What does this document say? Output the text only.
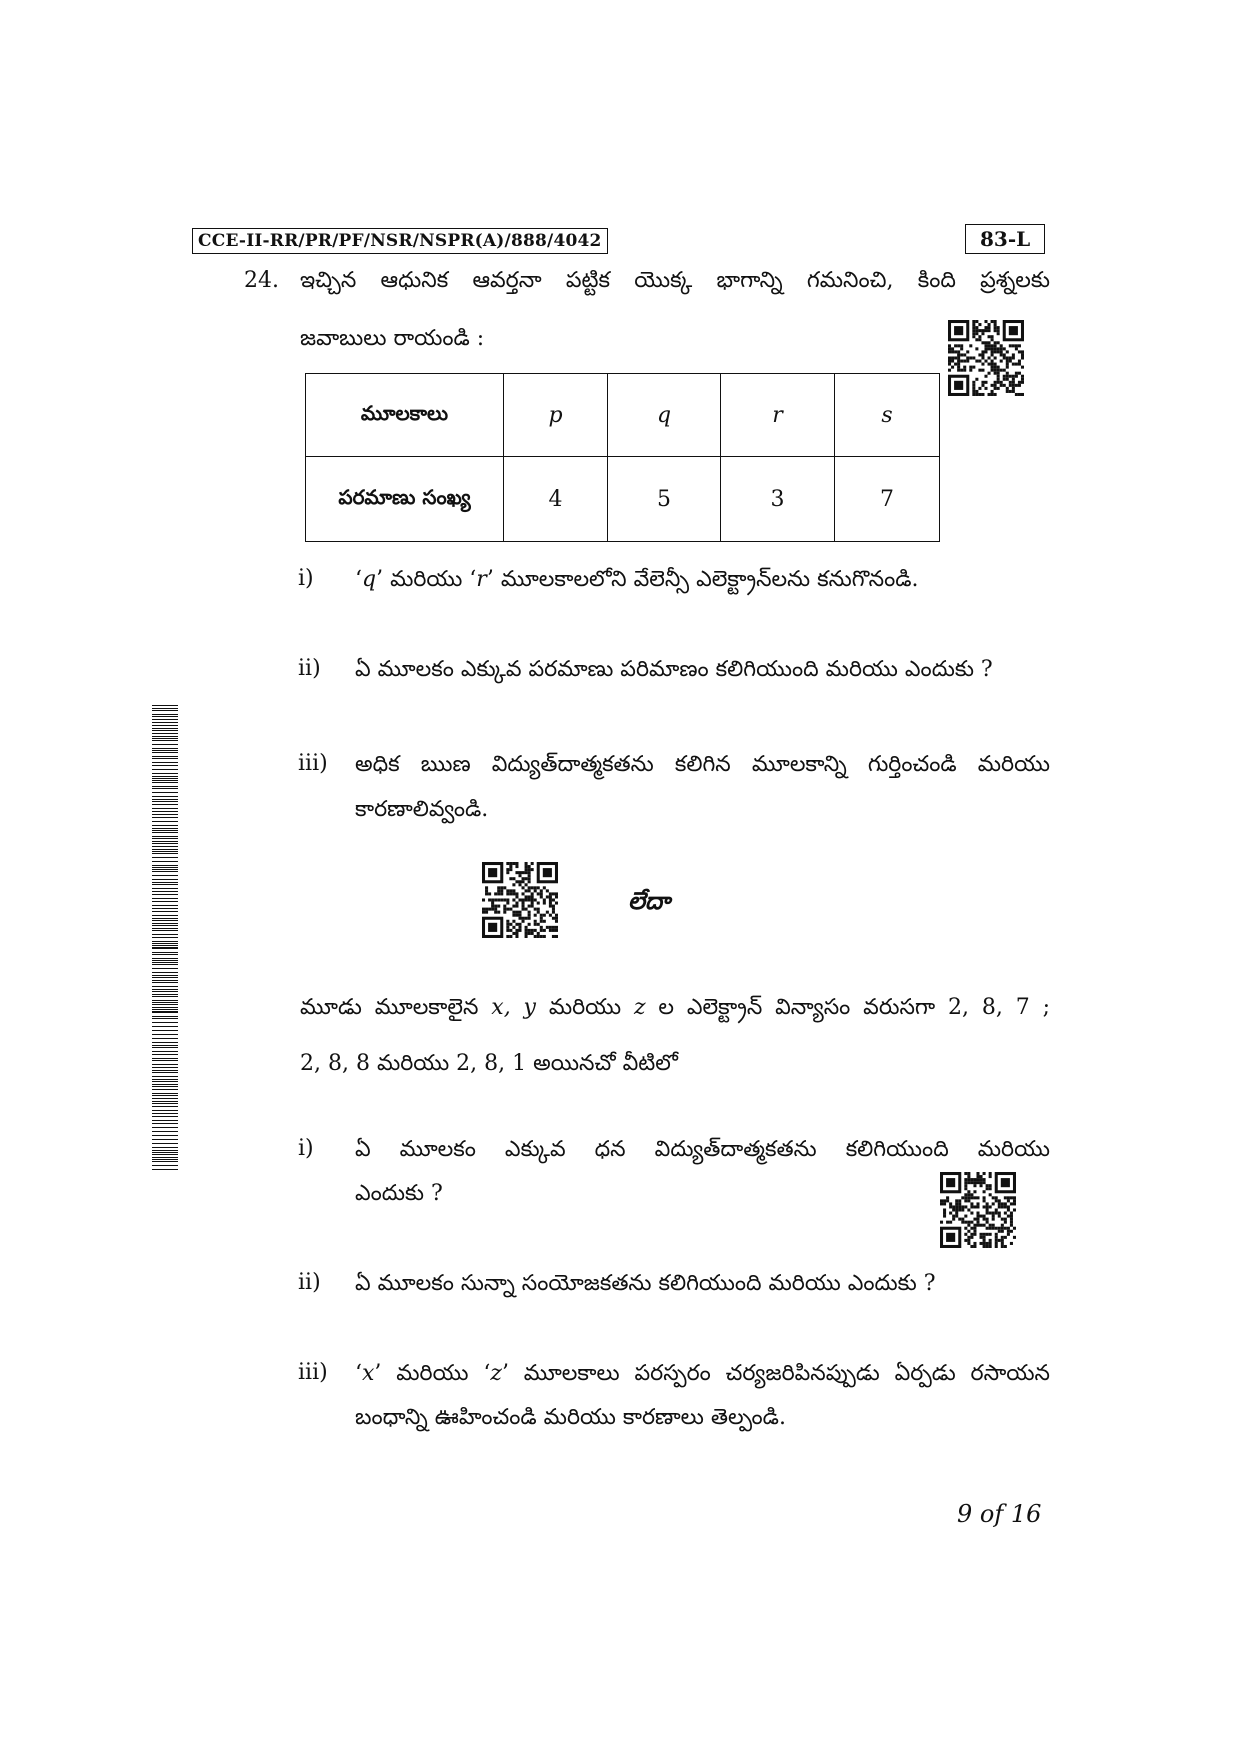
CCE-II-RR/PR/PF/NSR/NSPR(A)/888/4042	83-L
24. ఇచ్చిన ఆధునిక ఆవర్తనా పట్టిక యొక్క భాగాన్ని గమనించి, కింది ప్రశ్నలకు
జవాబులు రాయండి :
మూలకాలు	p	q	r	s
పరమాణు సంఖ్య	4	5	3	7
i)	‘q’ మరియు ‘r’ మూలకాలలోని వేలెన్సీ ఎలెక్ట్రాన్‌లను కనుగొనండి.
ii)	ఏ మూలకం ఎక్కువ పరమాణు పరిమాణం కలిగియుంది మరియు ఎందుకు ?
iii)	అధిక ఋణ విద్యుత్‌దాత్మకతను కలిగిన మూలకాన్ని గుర్తించండి మరియు
కారణాలివ్వండి.
లేదా
మూడు మూలకాలైన x, y మరియు z ల ఎలెక్ట్రాన్ విన్యాసం వరుసగా 2, 8, 7 ;
2, 8, 8 మరియు 2, 8, 1 అయినచో వీటిలో
i)	ఏ మూలకం ఎక్కువ ధన విద్యుత్‌దాత్మకతను కలిగియుంది మరియు
ఎందుకు ?
ii)	ఏ మూలకం సున్నా సంయోజకతను కలిగియుంది మరియు ఎందుకు ?
iii)	‘x’ మరియు ‘z’ మూలకాలు పరస్పరం చర్యజరిపినప్పుడు ఏర్పడు రసాయన
బంధాన్ని ఊహించండి మరియు కారణాలు తెల్పండి.
9 of 16
